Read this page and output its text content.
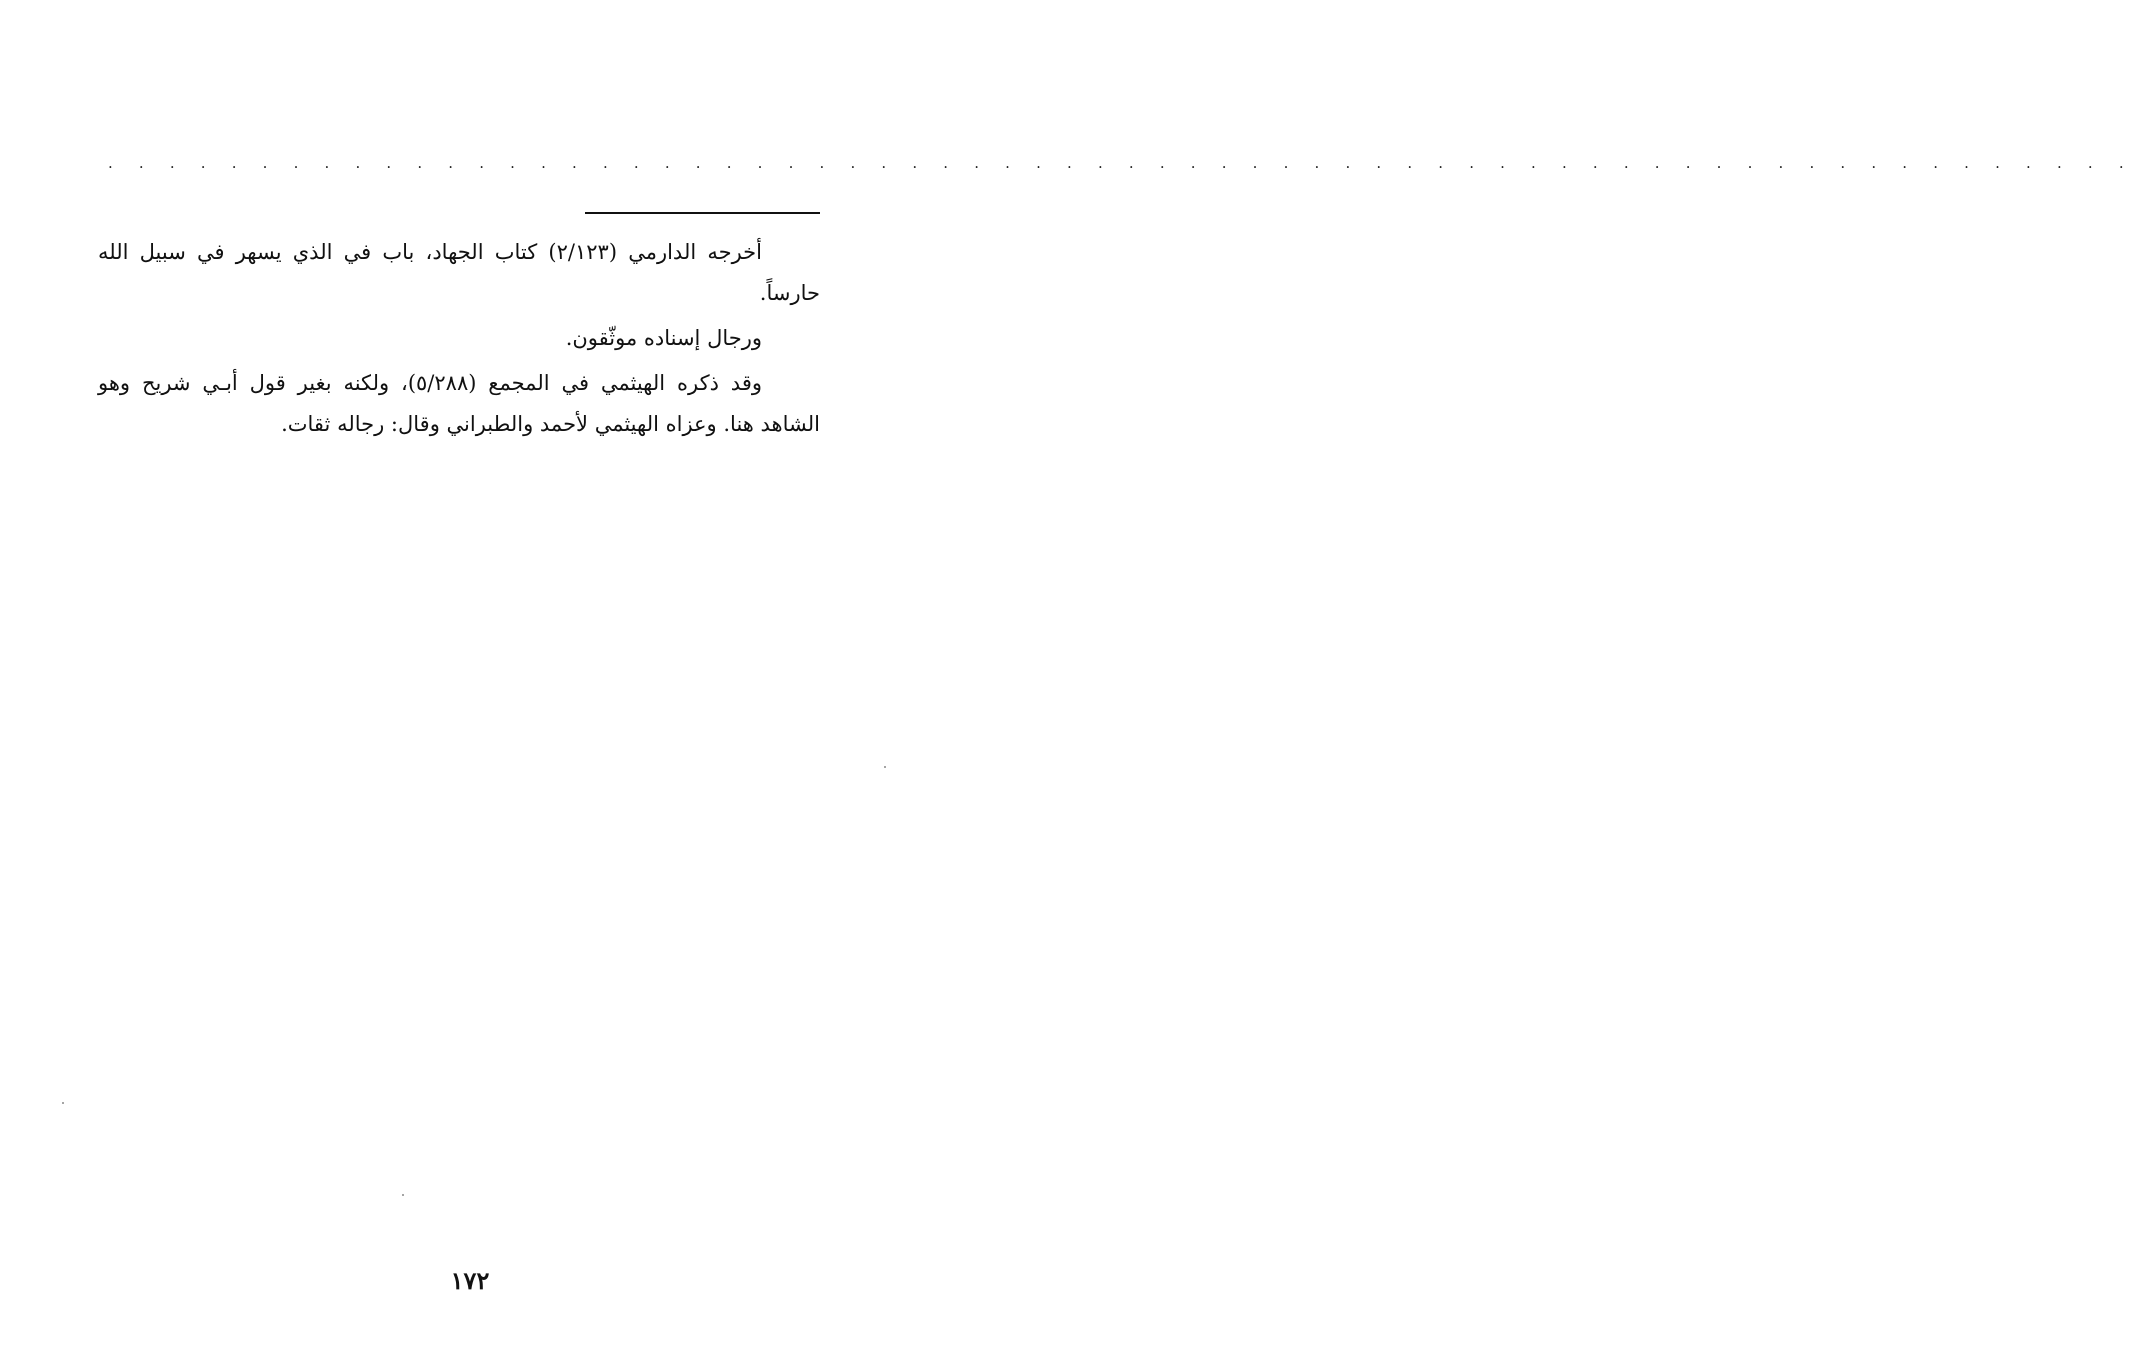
. . . . . . . . . . . . . . . . . . . . . . . . . . . . . . . . . . . . . . . . . . . . . . . . . . . . . . . . . . . . . . . . . .

أخرجه الدارمي (٢/١٢٣) كتاب الجهاد، باب في الذي يسهر في سبيل الله حارساً.

ورجال إسناده موثّقون.

وقد ذكره الهيثمي في المجمع (٥/٢٨٨)، ولكنه بغير قول أبـي شريح وهو الشاهد هنا. وعزاه الهيثمي لأحمد والطبراني وقال: رجاله ثقات.

١٧٢
